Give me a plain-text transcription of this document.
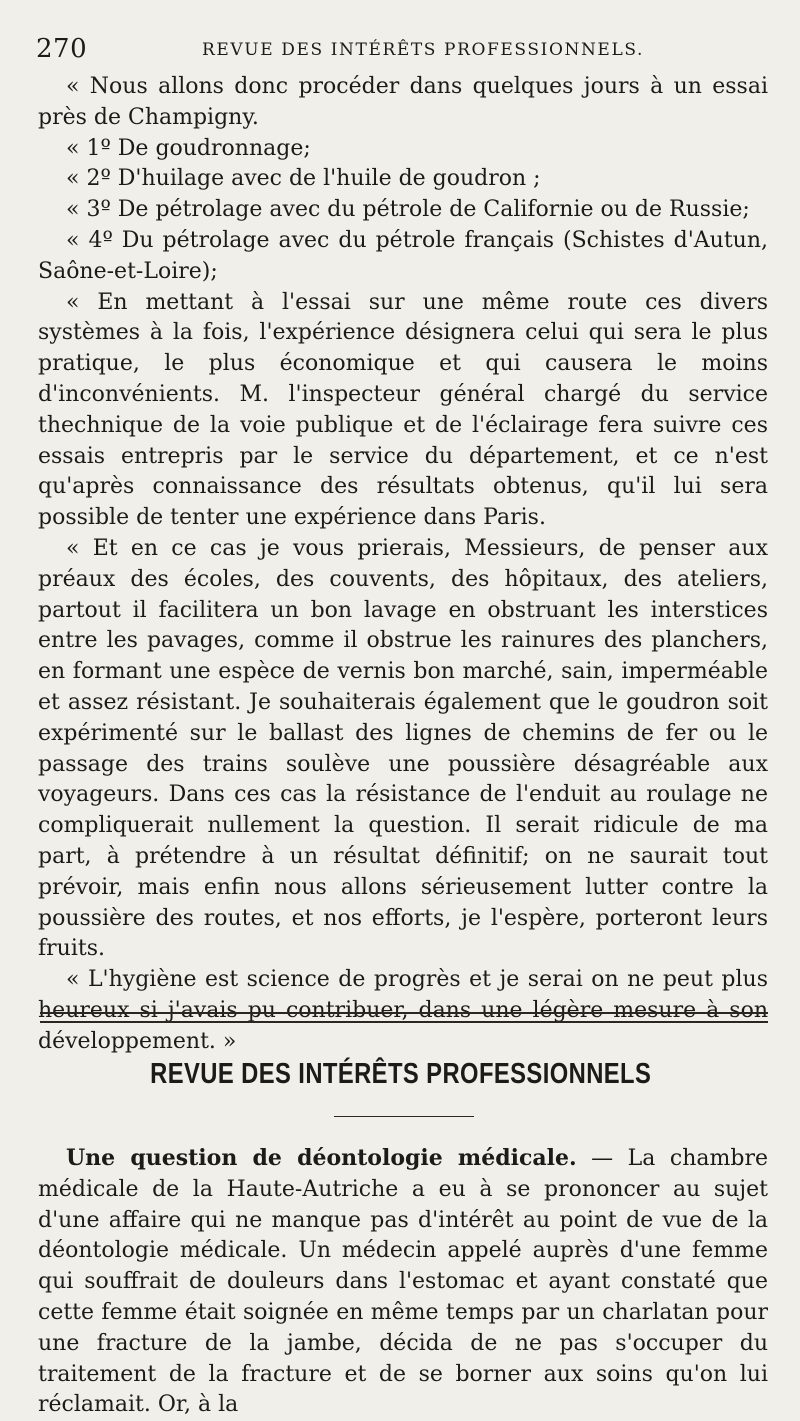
270	REVUE DES INTÉRÊTS PROFESSIONNELS.

« Nous allons donc procéder dans quelques jours à un essai près de Champigny.

« 1º De goudronnage;

« 2º D'huilage avec de l'huile de goudron ;

« 3º De pétrolage avec du pétrole de Californie ou de Russie;

« 4º Du pétrolage avec du pétrole français (Schistes d'Autun, Saône-et-Loire);

« En mettant à l'essai sur une même route ces divers systèmes à la fois, l'expérience désignera celui qui sera le plus pratique, le plus économique et qui causera le moins d'inconvénients. M. l'inspecteur général chargé du service thechnique de la voie publique et de l'éclairage fera suivre ces essais entrepris par le service du département, et ce n'est qu'après connaissance des résultats obtenus, qu'il lui sera possible de tenter une expérience dans Paris.

« Et en ce cas je vous prierais, Messieurs, de penser aux préaux des écoles, des couvents, des hôpitaux, des ateliers, partout il facilitera un bon lavage en obstruant les interstices entre les pavages, comme il obstrue les rainures des planchers, en formant une espèce de vernis bon marché, sain, imperméable et assez résistant. Je souhaiterais également que le goudron soit expérimenté sur le ballast des lignes de chemins de fer ou le passage des trains soulève une poussière désagréable aux voyageurs. Dans ces cas la résistance de l'enduit au roulage ne compliquerait nullement la question. Il serait ridicule de ma part, à prétendre à un résultat définitif; on ne saurait tout prévoir, mais enfin nous allons sérieusement lutter contre la poussière des routes, et nos efforts, je l'espère, porteront leurs fruits.

« L'hygiène est science de progrès et je serai on ne peut plus heureux si j'avais pu contribuer, dans une légère mesure à son développement. »

REVUE DES INTÉRÊTS PROFESSIONNELS

Une question de déontologie médicale. — La chambre médicale de la Haute-Autriche a eu à se prononcer au sujet d'une affaire qui ne manque pas d'intérêt au point de vue de la déontologie médicale. Un médecin appelé auprès d'une femme qui souffrait de douleurs dans l'estomac et ayant constaté que cette femme était soignée en même temps par un charlatan pour une fracture de la jambe, décida de ne pas s'occuper du traitement de la fracture et de se borner aux soins qu'on lui réclamait. Or, à la
